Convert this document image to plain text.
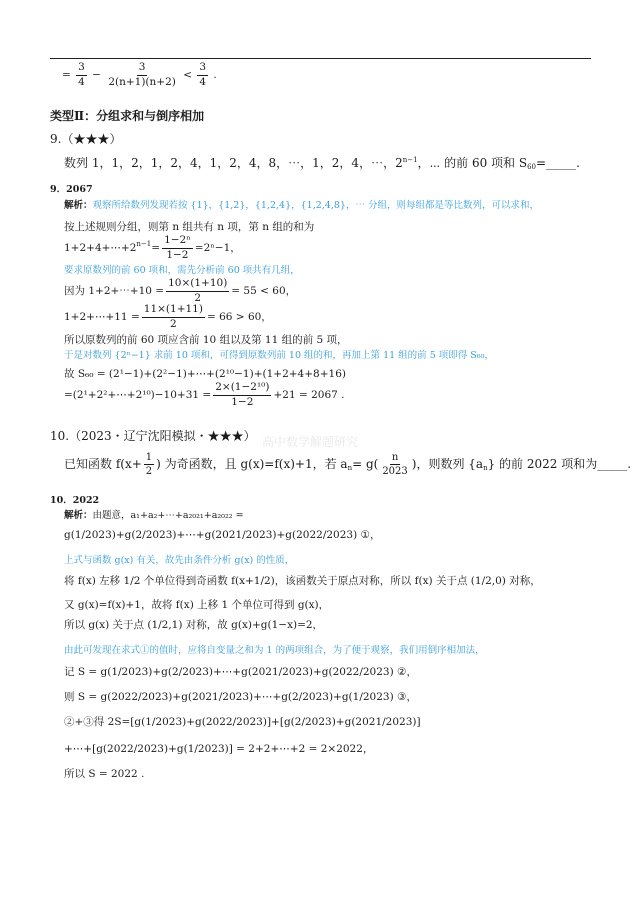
= $\frac{3}{4} - \frac{3}{2(n+1)(n+2)} < \frac{3}{4}$ .
类型Ⅱ：分组求和与倒序相加
9.（★★★）
数列 1，1，2，1，2，4，1，2，4，8，⋯，1，2，4，⋯，$2^{n-1}$，⋯ 的前 60 项和 $S_{60}=\_\_\_\_\_$.
9．2067
解析：观察所给数列发现若按 {1}，{1,2}，{1,2,4}，{1,2,4,8}，⋯ 分组，则每组都是等比数列，可以求和，
按上述规则分组，则第 n 组共有 n 项，第 n 组的和为
$1+2+4+\cdots+2^{n-1}= \frac{\text{1−2ⁿ}}{1-2} =2^n-1$，
要求原数列的前 60 项和，需先分析前 60 项共有几组，
因为 1+2+⋯+10 = $\frac{10\times(1+10)}{2} = 55 < 60$，
1+2+⋯+11 = $\frac{11\times(1+11)}{2} = 66 > 60$，
所以原数列的前 60 项应含前 10 组以及第 11 组的前 5 项，
于是对数列 {2ⁿ−1} 求前 10 项和，可得到原数列前 10 组的和，再加上第 11 组的前 5 项即得 S₆₀，
故 S₆₀ = (2¹−1)+(2²−1)+⋯+(2¹⁰−1)+(1+2+4+8+16)
=(2¹+2²+⋯+2¹⁰)−10+31 = $\frac{\text{2×(1−2¹⁰)}}{1-2} +21 = 2067$ .
10.（2023・辽宁沈阳模拟・★★★） 高中数学解题研究
已知函数 $f(x+ \frac{1}{2}$ ) 为奇函数，且 g(x)=f(x)+1，若 $a_n= g( \frac{n}{2023}$ )，则数列 $\{a_n\}$ 的前 2022 项和为_____.
10．2022
解析：由题意，a₁+a₂+⋯+a₂₀₂₁+a₂₀₂₂ =
g(1/2023)+g(2/2023)+⋯+g(2021/2023)+g(2022/2023) ①，
上式与函数 g(x) 有关，故先由条件分析 g(x) 的性质，
将 f(x) 左移 1/2 个单位得到奇函数 f(x+1/2)，该函数关于原点对称，所以 f(x) 关于点 (1/2,0) 对称，
又 g(x)=f(x)+1，故将 f(x) 上移 1 个单位可得到 g(x)，
所以 g(x) 关于点 (1/2,1) 对称，故 g(x)+g(1−x)=2，
由此可发现在求式①的值时，应将自变量之和为 1 的两项组合，为了便于观察，我们用倒序相加法，
记 S = g(1/2023)+g(2/2023)+⋯+g(2021/2023)+g(2022/2023) ②，
则 S = g(2022/2023)+g(2021/2023)+⋯+g(2/2023)+g(1/2023) ③，
②+③得 2S=[g(1/2023)+g(2022/2023)]+[g(2/2023)+g(2021/2023)]
+⋯+[g(2022/2023)+g(1/2023)] = 2+2+⋯+2 = 2×2022，
所以 S = 2022 .
